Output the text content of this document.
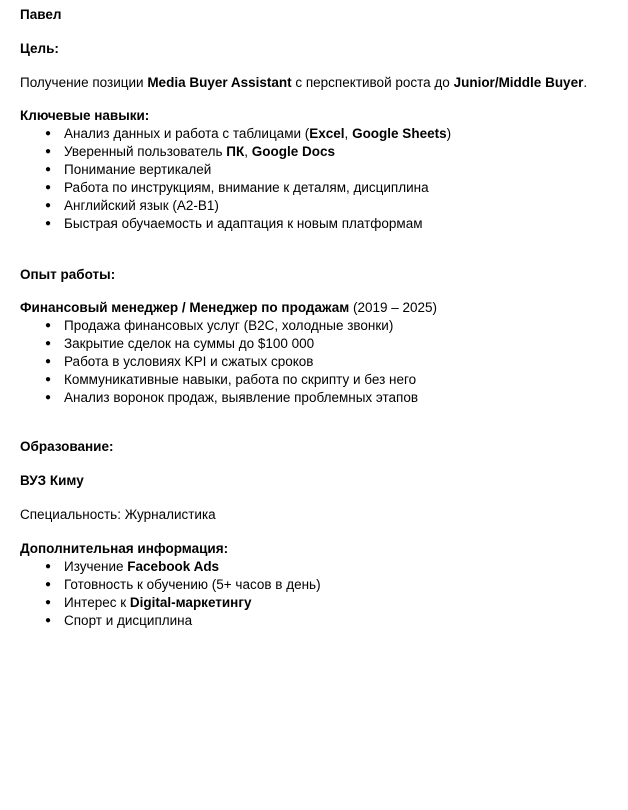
Павел

Цель:

Получение позиции Media Buyer Assistant с перспективой роста до Junior/Middle Buyer.

Ключевые навыки:

● Анализ данных и работа с таблицами (Excel, Google Sheets)
● Уверенный пользователь ПК, Google Docs
● Понимание вертикалей
● Работа по инструкциям, внимание к деталям, дисциплина
● Английский язык (A2-B1)
● Быстрая обучаемость и адаптация к новым платформам

Опыт работы:

Финансовый менеджер / Менеджер по продажам (2019 – 2025)

● Продажа финансовых услуг (B2C, холодные звонки)
● Закрытие сделок на суммы до $100 000
● Работа в условиях KPI и сжатых сроков
● Коммуникативные навыки, работа по скрипту и без него
● Анализ воронок продаж, выявление проблемных этапов

Образование:

ВУЗ Киму

Специальность: Журналистика

Дополнительная информация:

● Изучение Facebook Ads
● Готовность к обучению (5+ часов в день)
● Интерес к Digital-маркетингу
● Спорт и дисциплина
